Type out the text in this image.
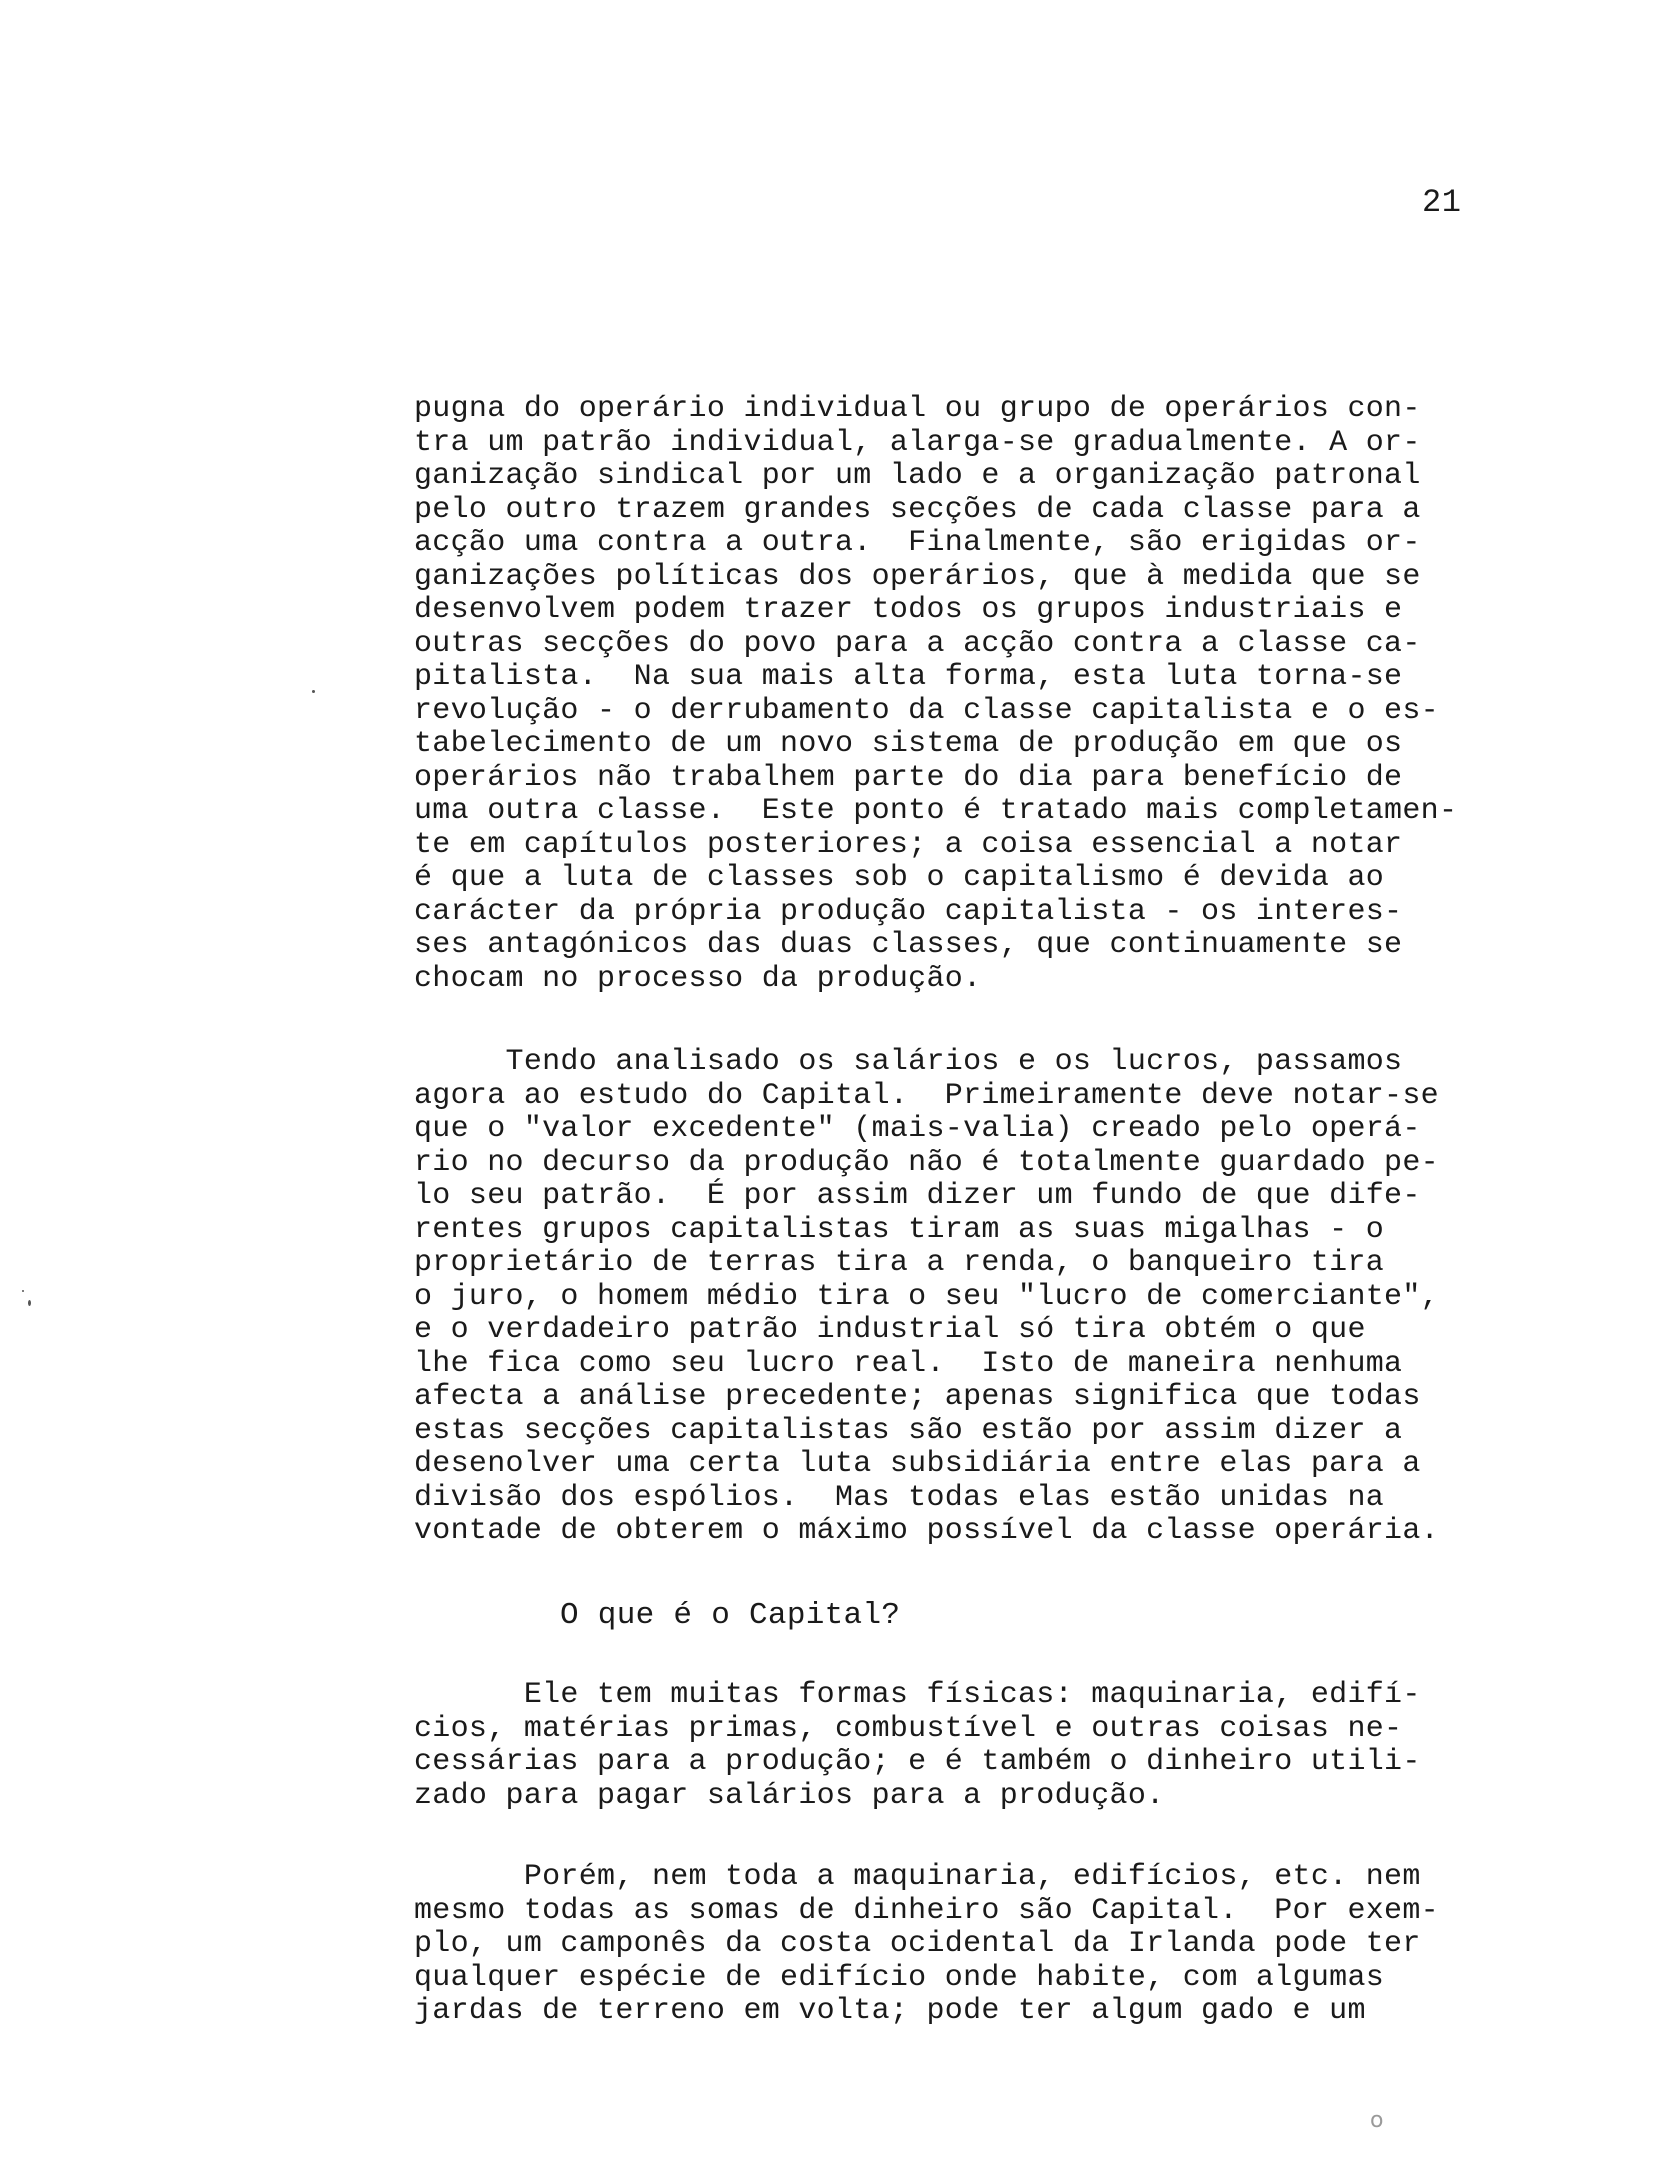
21
pugna do operário individual ou grupo de operários con-
tra um patrão individual, alarga-se gradualmente. A or-
ganização sindical por um lado e a organização patronal
pelo outro trazem grandes secções de cada classe para a
acção uma contra a outra.  Finalmente, são erigidas or-
ganizações políticas dos operários, que à medida que se
desenvolvem podem trazer todos os grupos industriais e
outras secções do povo para a acção contra a classe ca-
pitalista.  Na sua mais alta forma, esta luta torna-se
revolução - o derrubamento da classe capitalista e o es-
tabelecimento de um novo sistema de produção em que os
operários não trabalhem parte do dia para benefício de
uma outra classe.  Este ponto é tratado mais completamen-
te em capítulos posteriores; a coisa essencial a notar
é que a luta de classes sob o capitalismo é devida ao
carácter da própria produção capitalista - os interes-
ses antagónicos das duas classes, que continuamente se
chocam no processo da produção.
Tendo analisado os salários e os lucros, passamos
agora ao estudo do Capital.  Primeiramente deve notar-se
que o "valor excedente" (mais-valia) creado pelo operá-
rio no decurso da produção não é totalmente guardado pe-
lo seu patrão.  É por assim dizer um fundo de que dife-
rentes grupos capitalistas tiram as suas migalhas - o
proprietário de terras tira a renda, o banqueiro tira
o juro, o homem médio tira o seu "lucro de comerciante",
e o verdadeiro patrão industrial só tira obtém o que
lhe fica como seu lucro real.  Isto de maneira nenhuma
afecta a análise precedente; apenas significa que todas
estas secções capitalistas são estão por assim dizer a
desenolver uma certa luta subsidiária entre elas para a
divisão dos espólios.  Mas todas elas estão unidas na
vontade de obterem o máximo possível da classe operária.
O que é o Capital?
Ele tem muitas formas físicas: maquinaria, edifí-
cios, matérias primas, combustível e outras coisas ne-
cessárias para a produção; e é também o dinheiro utili-
zado para pagar salários para a produção.
Porém, nem toda a maquinaria, edifícios, etc. nem
mesmo todas as somas de dinheiro são Capital.  Por exem-
plo, um camponês da costa ocidental da Irlanda pode ter
qualquer espécie de edifício onde habite, com algumas
jardas de terreno em volta; pode ter algum gado e um
o
